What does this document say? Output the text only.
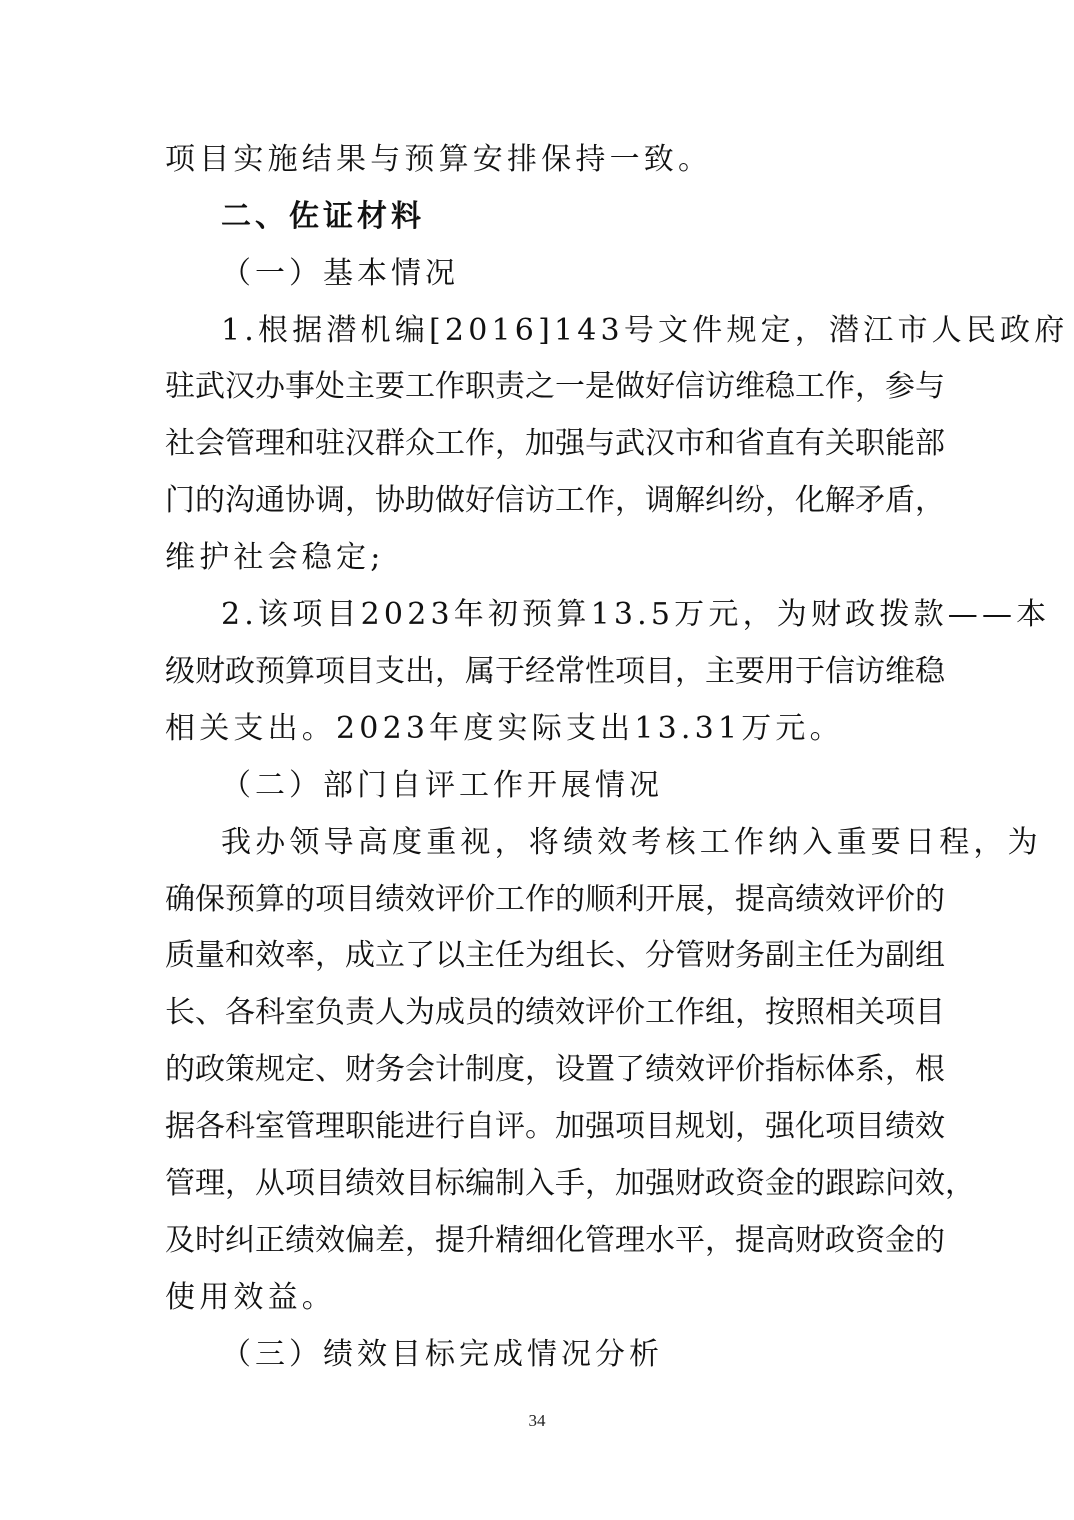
项目实施结果与预算安排保持一致。
二、佐证材料
（一）基本情况
1.根据潜机编[2016]143号文件规定，潜江市人民政府
驻武汉办事处主要工作职责之一是做好信访维稳工作，参与
社会管理和驻汉群众工作，加强与武汉市和省直有关职能部
门的沟通协调，协助做好信访工作，调解纠纷，化解矛盾，
维护社会稳定;
2.该项目2023年初预算13.5万元，为财政拨款——本
级财政预算项目支出，属于经常性项目，主要用于信访维稳
相关支出。2023年度实际支出13.31万元。
（二）部门自评工作开展情况
我办领导高度重视，将绩效考核工作纳入重要日程，为
确保预算的项目绩效评价工作的顺利开展，提高绩效评价的
质量和效率，成立了以主任为组长、分管财务副主任为副组
长、各科室负责人为成员的绩效评价工作组，按照相关项目
的政策规定、财务会计制度，设置了绩效评价指标体系，根
据各科室管理职能进行自评。加强项目规划，强化项目绩效
管理，从项目绩效目标编制入手，加强财政资金的跟踪问效，
及时纠正绩效偏差，提升精细化管理水平，提高财政资金的
使用效益。
（三）绩效目标完成情况分析
34
